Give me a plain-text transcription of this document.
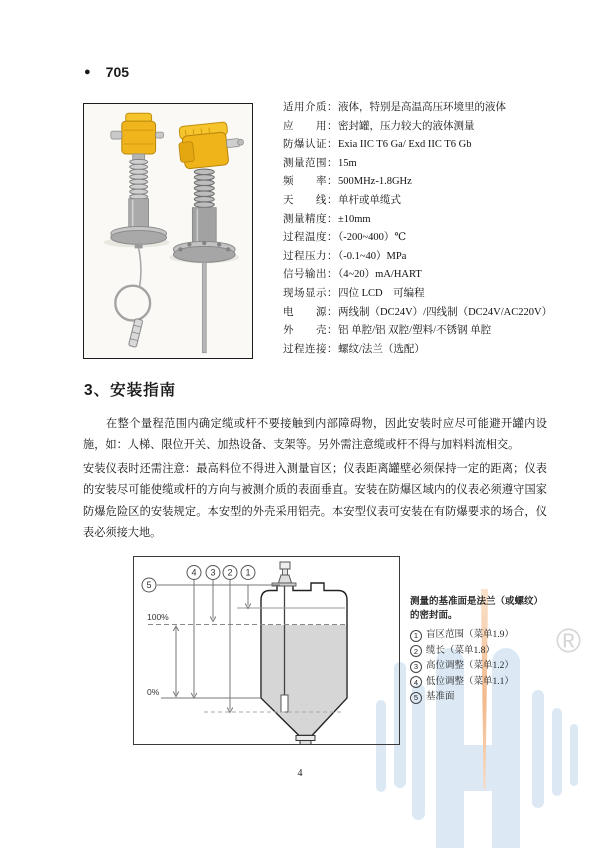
®
● 705
适用介质：液体，特别是高温高压环境里的液体
应　　用：密封罐，压力较大的液体测量
防爆认证：Exia IIC T6 Ga/ Exd IIC T6 Gb
测量范围：15m
频　　率：500MHz-1.8GHz
天　　线：单杆或单缆式
测量精度：±10mm
过程温度：（-200~400）℃
过程压力：（-0.1~40）MPa
信号输出：（4~20）mA/HART
现场显示：四位 LCD　可编程
电　　源：两线制（DC24V）/四线制（DC24V/AC220V）
外　　壳：铝 单腔/铝 双腔/塑料/不锈钢 单腔
过程连接：螺纹/法兰（选配）
3、安装指南
在整个量程范围内确定缆或杆不要接触到内部障碍物，因此安装时应尽可能避开罐内设施，如：人梯、限位开关、加热设备、支架等。另外需注意缆或杆不得与加料料流相交。
安装仪表时还需注意：最高料位不得进入测量盲区；仪表距离罐壁必须保持一定的距离；仪表的安装尽可能使缆或杆的方向与被测介质的表面垂直。安装在防爆区域内的仪表必须遵守国家防爆危险区的安装规定。本安型的外壳采用铝壳。本安型仪表可安装在有防爆要求的场合，仪表必须接大地。
5
4 3 2 1
100%
0%

测量的基准面是法兰（或螺纹）的密封面。

1 盲区范围（菜单1.9）
2 缆长（菜单1.8）
3 高位调整（菜单1.2）
4 低位调整（菜单1.1）
5 基准面
4
